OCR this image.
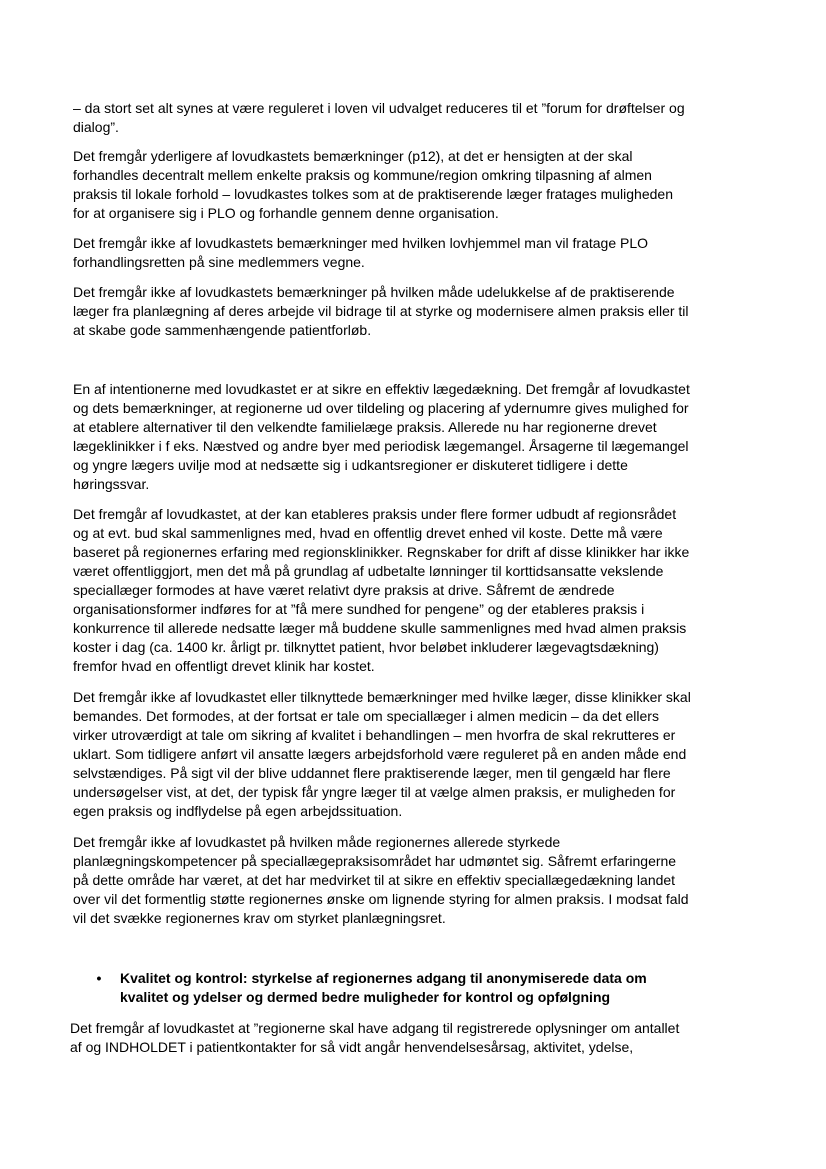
– da stort set alt synes at være reguleret i loven vil udvalget reduceres til et ”forum for drøftelser og
dialog”.
Det fremgår yderligere af lovudkastets bemærkninger (p12), at det er hensigten at der skal
forhandles decentralt mellem enkelte praksis og kommune/region omkring tilpasning af almen
praksis til lokale forhold – lovudkastes tolkes som at de praktiserende læger fratages muligheden
for at organisere sig i PLO og forhandle gennem denne organisation.
Det fremgår ikke af lovudkastets bemærkninger med hvilken lovhjemmel man vil fratage PLO
forhandlingsretten på sine medlemmers vegne.
Det fremgår ikke af lovudkastets bemærkninger på hvilken måde udelukkelse af de praktiserende
læger fra planlægning af deres arbejde vil bidrage til at styrke og modernisere almen praksis eller til
at skabe gode sammenhængende patientforløb.
En af intentionerne med lovudkastet er at sikre en effektiv lægedækning. Det fremgår af lovudkastet
og dets bemærkninger, at regionerne ud over tildeling og placering af ydernumre gives mulighed for
at etablere alternativer til den velkendte familielæge praksis. Allerede nu har regionerne drevet
lægeklinikker i f eks. Næstved og andre byer med periodisk lægemangel. Årsagerne til lægemangel
og yngre lægers uvilje mod at nedsætte sig i udkantsregioner er diskuteret tidligere i dette
høringssvar.
Det fremgår af lovudkastet, at der kan etableres praksis under flere former udbudt af regionsrådet
og at evt. bud skal sammenlignes med, hvad en offentlig drevet enhed vil koste. Dette må være
baseret på regionernes erfaring med regionsklinikker. Regnskaber for drift af disse klinikker har ikke
været offentliggjort, men det må på grundlag af udbetalte lønninger til korttidsansatte vekslende
speciallæger formodes at have været relativt dyre praksis at drive. Såfremt de ændrede
organisationsformer indføres for at ”få mere sundhed for pengene” og der etableres praksis i
konkurrence til allerede nedsatte læger må buddene skulle sammenlignes med hvad almen praksis
koster i dag (ca. 1400 kr. årligt pr. tilknyttet patient, hvor beløbet inkluderer lægevagtsdækning)
fremfor hvad en offentligt drevet klinik har kostet.
Det fremgår ikke af lovudkastet eller tilknyttede bemærkninger med hvilke læger, disse klinikker skal
bemandes. Det formodes, at der fortsat er tale om speciallæger i almen medicin – da det ellers
virker utroværdigt at tale om sikring af kvalitet i behandlingen – men hvorfra de skal rekrutteres er
uklart. Som tidligere anført vil ansatte lægers arbejdsforhold være reguleret på en anden måde end
selvstændiges. På sigt vil der blive uddannet flere praktiserende læger, men til gengæld har flere
undersøgelser vist, at det, der typisk får yngre læger til at vælge almen praksis, er muligheden for
egen praksis og indflydelse på egen arbejdssituation.
Det fremgår ikke af lovudkastet på hvilken måde regionernes allerede styrkede
planlægningskompetencer på speciallægepraksisområdet har udmøntet sig. Såfremt erfaringerne
på dette område har været, at det har medvirket til at sikre en effektiv speciallægedækning landet
over vil det formentlig støtte regionernes ønske om lignende styring for almen praksis. I modsat fald
vil det svække regionernes krav om styrket planlægningsret.
•	Kvalitet og kontrol: styrkelse af regionernes adgang til anonymiserede data om
kvalitet og ydelser og dermed bedre muligheder for kontrol og opfølgning
Det fremgår af lovudkastet at ”regionerne skal have adgang til registrerede oplysninger om antallet
af og INDHOLDET i patientkontakter for så vidt angår henvendelsesårsag, aktivitet, ydelse,
